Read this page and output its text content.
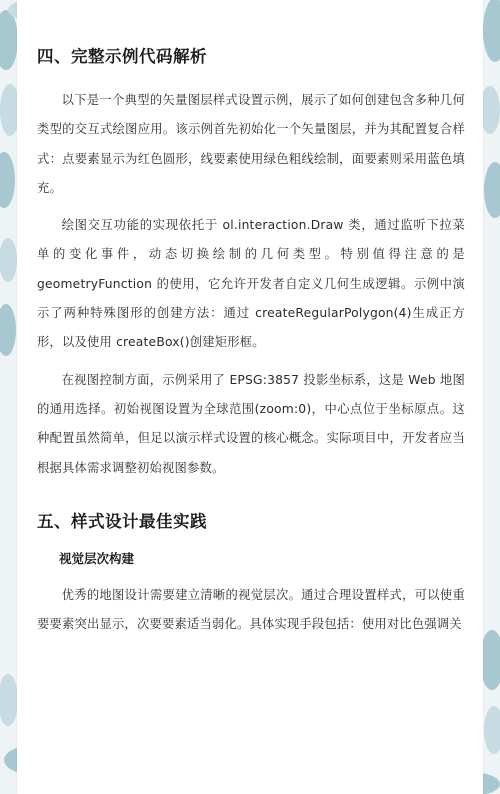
四、完整示例代码解析

以下是一个典型的矢量图层样式设置示例，展示了如何创建包含多种几何类型的交互式绘图应用。该示例首先初始化一个矢量图层，并为其配置复合样式：点要素显示为红色圆形，线要素使用绿色粗线绘制，面要素则采用蓝色填充。

绘图交互功能的实现依托于 ol.interaction.Draw 类，通过监听下拉菜单的变化事件，动态切换绘制的几何类型。特别值得注意的是 geometryFunction 的使用，它允许开发者自定义几何生成逻辑。示例中演示了两种特殊图形的创建方法：通过 createRegularPolygon(4)生成正方形，以及使用 createBox()创建矩形框。

在视图控制方面，示例采用了 EPSG:3857 投影坐标系，这是 Web 地图的通用选择。初始视图设置为全球范围(zoom:0)，中心点位于坐标原点。这种配置虽然简单，但足以演示样式设置的核心概念。实际项目中，开发者应当根据具体需求调整初始视图参数。

五、样式设计最佳实践
视觉层次构建

优秀的地图设计需要建立清晰的视觉层次。通过合理设置样式，可以使重要要素突出显示，次要要素适当弱化。具体实现手段包括：使用对比色强调关
